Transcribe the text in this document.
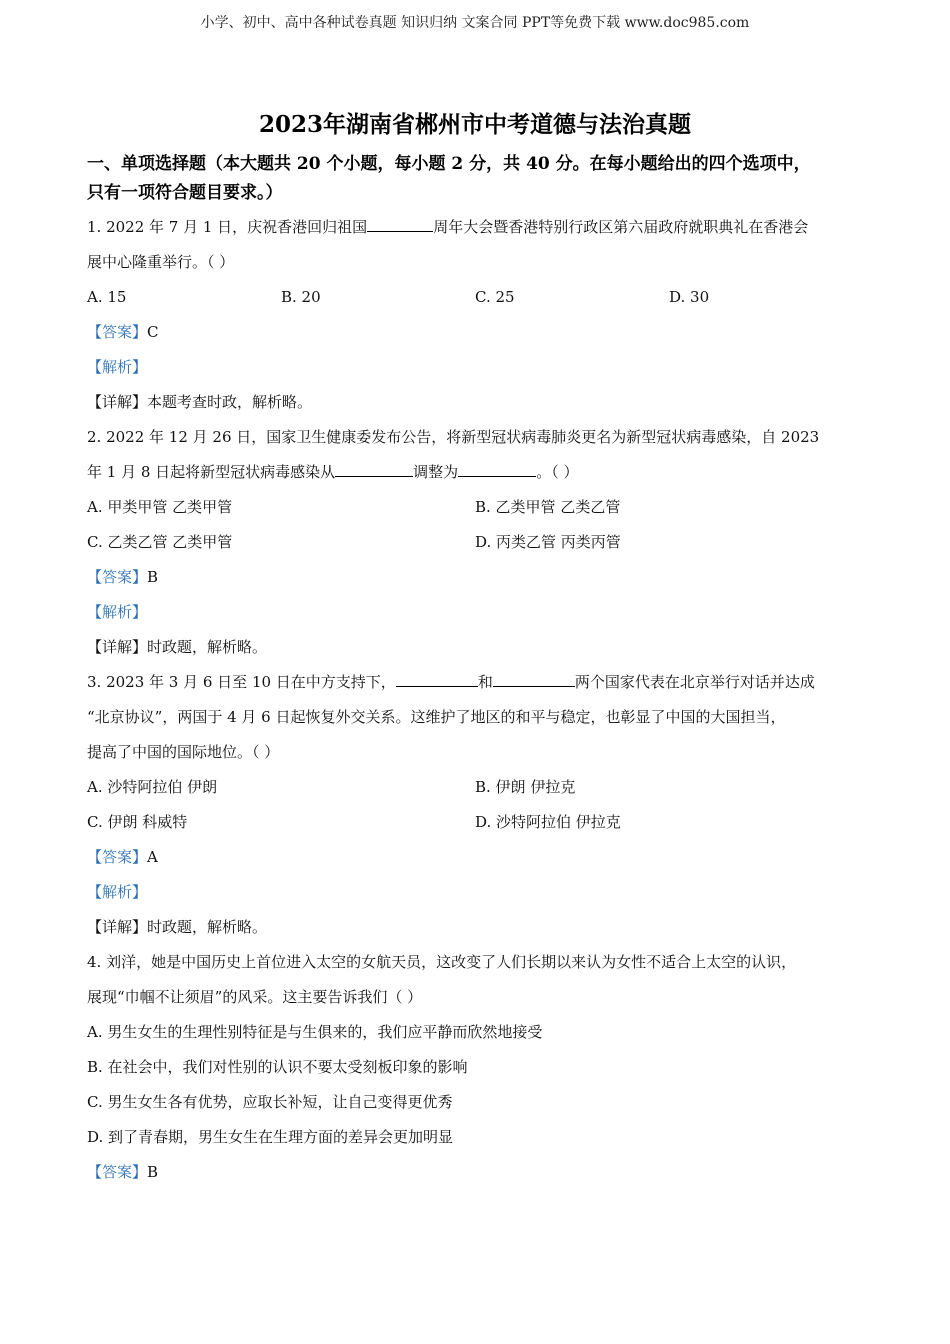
小学、初中、高中各种试卷真题 知识归纳 文案合同 PPT等免费下载 www.doc985.com
2023年湖南省郴州市中考道德与法治真题
一、单项选择题（本大题共 20 个小题，每小题 2 分，共 40 分。在每小题给出的四个选项中，
只有一项符合题目要求。）
1. 2022 年 7 月 1 日，庆祝香港回归祖国	周年大会暨香港特别行政区第六届政府就职典礼在香港会
展中心隆重举行。（ ）
A. 15	B. 20	C. 25	D. 30
【答案】C
【解析】
【详解】本题考查时政，解析略。
2. 2022 年 12 月 26 日，国家卫生健康委发布公告，将新型冠状病毒肺炎更名为新型冠状病毒感染，自 2023
年 1 月 8 日起将新型冠状病毒感染从	调整为	。（ ）
A. 甲类甲管 乙类甲管	B. 乙类甲管 乙类乙管
C. 乙类乙管 乙类甲管	D. 丙类乙管 丙类丙管
【答案】B
【解析】
【详解】时政题，解析略。
3. 2023 年 3 月 6 日至 10 日在中方支持下，	和	两个国家代表在北京举行对话并达成
“北京协议”，两国于 4 月 6 日起恢复外交关系。这维护了地区的和平与稳定，也彰显了中国的大国担当，
提高了中国的国际地位。（ ）
A. 沙特阿拉伯 伊朗	B. 伊朗 伊拉克
C. 伊朗 科威特	D. 沙特阿拉伯 伊拉克
【答案】A
【解析】
【详解】时政题，解析略。
4. 刘洋，她是中国历史上首位进入太空的女航天员，这改变了人们长期以来认为女性不适合上太空的认识，
展现“巾帼不让须眉”的风采。这主要告诉我们（ ）
A. 男生女生的生理性别特征是与生俱来的，我们应平静而欣然地接受
B. 在社会中，我们对性别的认识不要太受刻板印象的影响
C. 男生女生各有优势，应取长补短，让自己变得更优秀
D. 到了青春期，男生女生在生理方面的差异会更加明显
【答案】B
